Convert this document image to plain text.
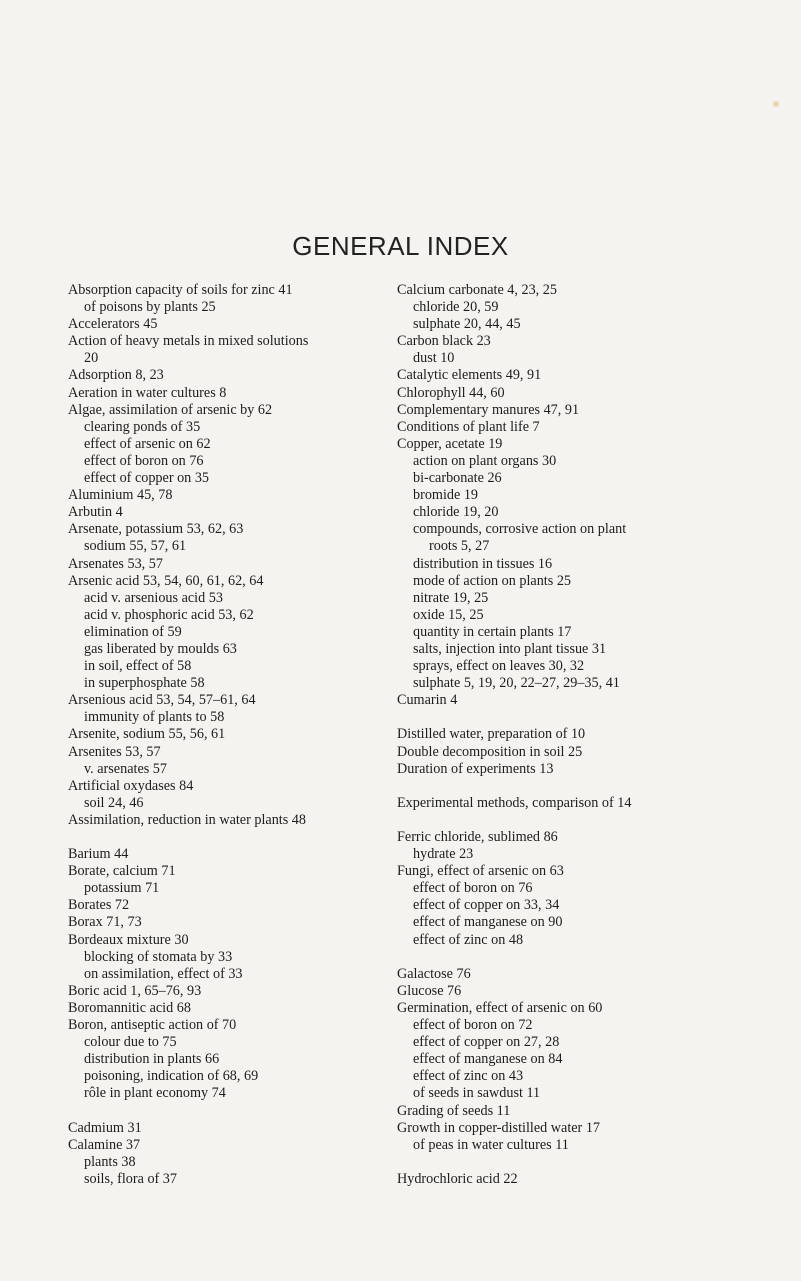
GENERAL INDEX
Absorption capacity of soils for zinc 41
of poisons by plants 25
Accelerators 45
Action of heavy metals in mixed solutions
20
Adsorption 8, 23
Aeration in water cultures 8
Algae, assimilation of arsenic by 62
clearing ponds of 35
effect of arsenic on 62
effect of boron on 76
effect of copper on 35
Aluminium 45, 78
Arbutin 4
Arsenate, potassium 53, 62, 63
sodium 55, 57, 61
Arsenates 53, 57
Arsenic acid 53, 54, 60, 61, 62, 64
acid v. arsenious acid 53
acid v. phosphoric acid 53, 62
elimination of 59
gas liberated by moulds 63
in soil, effect of 58
in superphosphate 58
Arsenious acid 53, 54, 57–61, 64
immunity of plants to 58
Arsenite, sodium 55, 56, 61
Arsenites 53, 57
v. arsenates 57
Artificial oxydases 84
soil 24, 46
Assimilation, reduction in water plants 48
Barium 44
Borate, calcium 71
potassium 71
Borates 72
Borax 71, 73
Bordeaux mixture 30
blocking of stomata by 33
on assimilation, effect of 33
Boric acid 1, 65–76, 93
Boromannitic acid 68
Boron, antiseptic action of 70
colour due to 75
distribution in plants 66
poisoning, indication of 68, 69
rôle in plant economy 74
Cadmium 31
Calamine 37
plants 38
soils, flora of 37
Calcium carbonate 4, 23, 25
chloride 20, 59
sulphate 20, 44, 45
Carbon black 23
dust 10
Catalytic elements 49, 91
Chlorophyll 44, 60
Complementary manures 47, 91
Conditions of plant life 7
Copper, acetate 19
action on plant organs 30
bi-carbonate 26
bromide 19
chloride 19, 20
compounds, corrosive action on plant
roots 5, 27
distribution in tissues 16
mode of action on plants 25
nitrate 19, 25
oxide 15, 25
quantity in certain plants 17
salts, injection into plant tissue 31
sprays, effect on leaves 30, 32
sulphate 5, 19, 20, 22–27, 29–35, 41
Cumarin 4
Distilled water, preparation of 10
Double decomposition in soil 25
Duration of experiments 13
Experimental methods, comparison of 14
Ferric chloride, sublimed 86
hydrate 23
Fungi, effect of arsenic on 63
effect of boron on 76
effect of copper on 33, 34
effect of manganese on 90
effect of zinc on 48
Galactose 76
Glucose 76
Germination, effect of arsenic on 60
effect of boron on 72
effect of copper on 27, 28
effect of manganese on 84
effect of zinc on 43
of seeds in sawdust 11
Grading of seeds 11
Growth in copper-distilled water 17
of peas in water cultures 11
Hydrochloric acid 22
